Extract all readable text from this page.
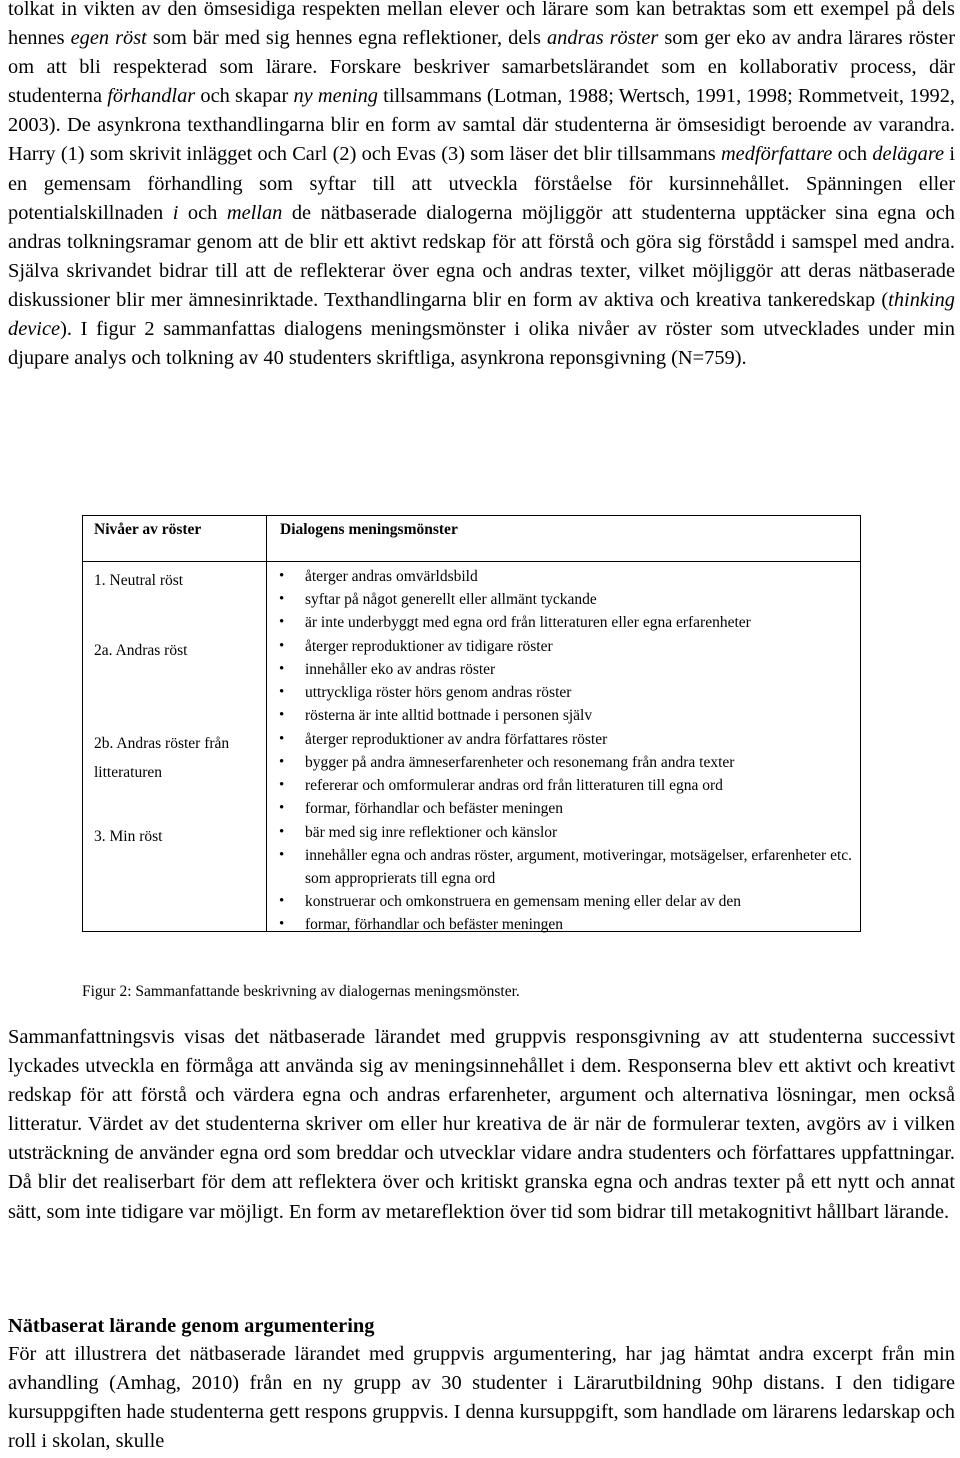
tolkat in vikten av den ömsesidiga respekten mellan elever och lärare som kan betraktas som ett exempel på dels hennes egen röst som bär med sig hennes egna reflektioner, dels andras röster som ger eko av andra lärares röster om att bli respekterad som lärare. Forskare beskriver samarbetslärandet som en kollaborativ process, där studenterna förhandlar och skapar ny mening tillsammans (Lotman, 1988; Wertsch, 1991, 1998; Rommetveit, 1992, 2003). De asynkrona texthandlingarna blir en form av samtal där studenterna är ömsesidigt beroende av varandra. Harry (1) som skrivit inlägget och Carl (2) och Evas (3) som läser det blir tillsammans medförfattare och delägare i en gemensam förhandling som syftar till att utveckla förståelse för kursinnehållet. Spänningen eller potentialskillnaden i och mellan de nätbaserade dialogerna möjliggör att studenterna upptäcker sina egna och andras tolkningsramar genom att de blir ett aktivt redskap för att förstå och göra sig förstådd i samspel med andra. Själva skrivandet bidrar till att de reflekterar över egna och andras texter, vilket möjliggör att deras nätbaserade diskussioner blir mer ämnesinriktade. Texthandlingarna blir en form av aktiva och kreativa tankeredskap (thinking device). I figur 2 sammanfattas dialogens meningsmönster i olika nivåer av röster som utvecklades under min djupare analys och tolkning av 40 studenters skriftliga, asynkrona reponsgivning (N=759).

Nivåer av röster	Dialogens meningsmönster
1. Neutral röst	• återger andras omvärldsbild
• syftar på något generellt eller allmänt tyckande
• är inte underbyggt med egna ord från litteraturen eller egna erfarenheter
2a. Andras röst	• återger reproduktioner av tidigare röster
• innehåller eko av andras röster
• uttryckliga röster hörs genom andras röster
• rösterna är inte alltid bottnade i personen själv
2b. Andras röster från litteraturen
• återger reproduktioner av andra författares röster
• bygger på andra ämneserfarenheter och resonemang från andra texter
• refererar och omformulerar andras ord från litteraturen till egna ord
• formar, förhandlar och befäster meningen
3. Min röst	• bär med sig inre reflektioner och känslor
• innehåller egna och andras röster, argument, motiveringar, motsägelser, erfarenheter etc. som approprierats till egna ord
• konstruerar och omkonstruera en gemensam mening eller delar av den
• formar, förhandlar och befäster meningen
Figur 2: Sammanfattande beskrivning av dialogernas meningsmönster.

Sammanfattningsvis visas det nätbaserade lärandet med gruppvis responsgivning av att studenterna successivt lyckades utveckla en förmåga att använda sig av meningsinnehållet i dem. Responserna blev ett aktivt och kreativt redskap för att förstå och värdera egna och andras erfarenheter, argument och alternativa lösningar, men också litteratur. Värdet av det studenterna skriver om eller hur kreativa de är när de formulerar texten, avgörs av i vilken utsträckning de använder egna ord som breddar och utvecklar vidare andra studenters och författares uppfattningar. Då blir det realiserbart för dem att reflektera över och kritiskt granska egna och andras texter på ett nytt och annat sätt, som inte tidigare var möjligt. En form av metareflektion över tid som bidrar till metakognitivt hållbart lärande.

Nätbaserat lärande genom argumentering

För att illustrera det nätbaserade lärandet med gruppvis argumentering, har jag hämtat andra excerpt från min avhandling (Amhag, 2010) från en ny grupp av 30 studenter i Lärarutbildning 90hp distans. I den tidigare kursuppgiften hade studenterna gett respons gruppvis. I denna kursuppgift, som handlade om lärarens ledarskap och roll i skolan, skulle
